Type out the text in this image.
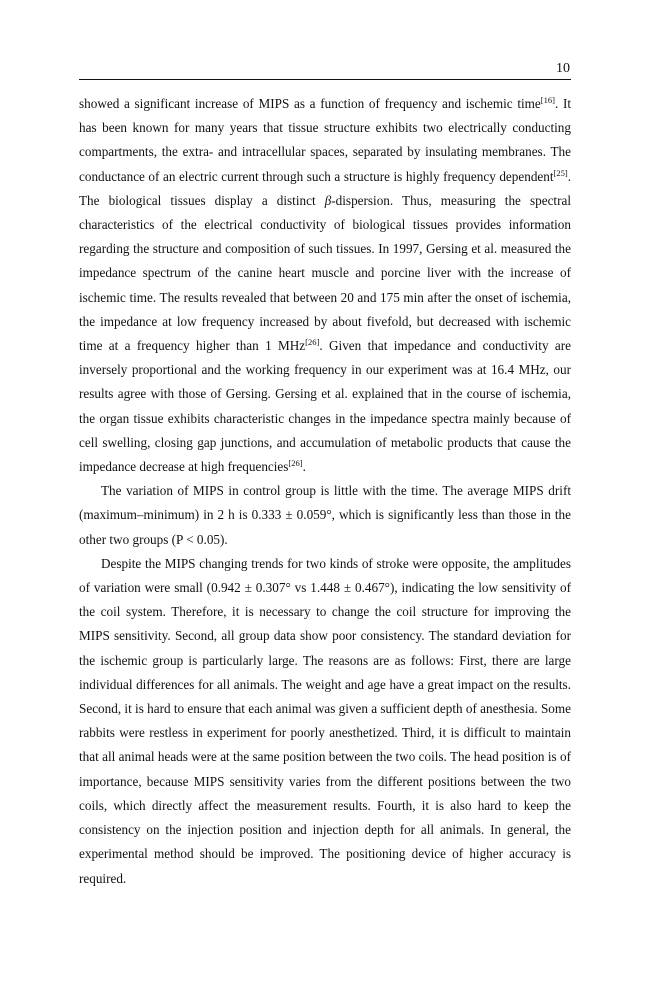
10

showed a significant increase of MIPS as a function of frequency and ischemic time[16]. It has been known for many years that tissue structure exhibits two electrically conducting compartments, the extra- and intracellular spaces, separated by insulating membranes. The conductance of an electric current through such a structure is highly frequency dependent[25]. The biological tissues display a distinct β-dispersion. Thus, measuring the spectral characteristics of the electrical conductivity of biological tissues provides information regarding the structure and composition of such tissues. In 1997, Gersing et al. measured the impedance spectrum of the canine heart muscle and porcine liver with the increase of ischemic time. The results revealed that between 20 and 175 min after the onset of ischemia, the impedance at low frequency increased by about fivefold, but decreased with ischemic time at a frequency higher than 1 MHz[26]. Given that impedance and conductivity are inversely proportional and the working frequency in our experiment was at 16.4 MHz, our results agree with those of Gersing. Gersing et al. explained that in the course of ischemia, the organ tissue exhibits characteristic changes in the impedance spectra mainly because of cell swelling, closing gap junctions, and accumulation of metabolic products that cause the impedance decrease at high frequencies[26].

The variation of MIPS in control group is little with the time. The average MIPS drift (maximum–minimum) in 2 h is 0.333 ± 0.059°, which is significantly less than those in the other two groups (P < 0.05).

Despite the MIPS changing trends for two kinds of stroke were opposite, the amplitudes of variation were small (0.942 ± 0.307° vs 1.448 ± 0.467°), indicating the low sensitivity of the coil system. Therefore, it is necessary to change the coil structure for improving the MIPS sensitivity. Second, all group data show poor consistency. The standard deviation for the ischemic group is particularly large. The reasons are as follows: First, there are large individual differences for all animals. The weight and age have a great impact on the results. Second, it is hard to ensure that each animal was given a sufficient depth of anesthesia. Some rabbits were restless in experiment for poorly anesthetized. Third, it is difficult to maintain that all animal heads were at the same position between the two coils. The head position is of importance, because MIPS sensitivity varies from the different positions between the two coils, which directly affect the measurement results. Fourth, it is also hard to keep the consistency on the injection position and injection depth for all animals. In general, the experimental method should be improved. The positioning device of higher accuracy is required.
